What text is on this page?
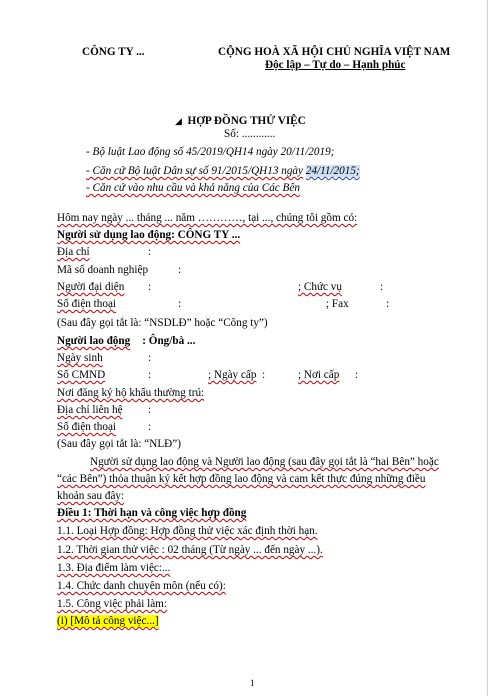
CÔNG TY ...	CỘNG HOÀ XÃ HỘI CHỦ NGHĨA VIỆT NAM
Độc lập – Tự do – Hạnh phúc
◢ HỢP ĐỒNG THỬ VIỆC
Số: ............
- Bộ luật Lao động số 45/2019/QH14 ngày 20/11/2019;
- Căn cứ Bộ luật Dân sự số 91/2015/QH13 ngày 24/11/2015;
- Căn cứ vào nhu cầu và khả năng của Các Bên
Hôm nay ngày ... tháng ... năm …………, tại ..., chúng tôi gồm có:
Người sử dụng lao động: CÔNG TY ...
Địa chỉ	:
Mã số doanh nghiệp	:
Người đại diện :	; Chức vụ	:
Số điện thoại	:	; Fax	:
(Sau đây gọi tắt là: “NSDLĐ” hoặc “Công ty”)
Người lao động : Ông/bà ...
Ngày sinh	:
Số CMND	:	; Ngày cấp :	; Nơi cấp :
Nơi đăng ký hộ khẩu thường trú:
Địa chỉ liên hệ :
Số điện thoại	:
(Sau đây gọi tắt là: “NLĐ”)
Người sử dụng lao động và Người lao động (sau đây gọi tắt là “hai Bên” hoặc
“các Bên”) thỏa thuận ký kết hợp đồng lao động và cam kết thực đúng những điều
khoản sau đây:
Điều 1: Thời hạn và công việc hợp đồng
1.1. Loại Hợp đồng: Hợp đồng thử việc xác định thời hạn.
1.2. Thời gian thử việc : 02 tháng (Từ ngày ... đến ngày ...).
1.3. Địa điểm làm việc:...
1.4. Chức danh chuyên môn (nếu có):
1.5. Công việc phải làm:
(i) [Mô tả công việc...]
1
